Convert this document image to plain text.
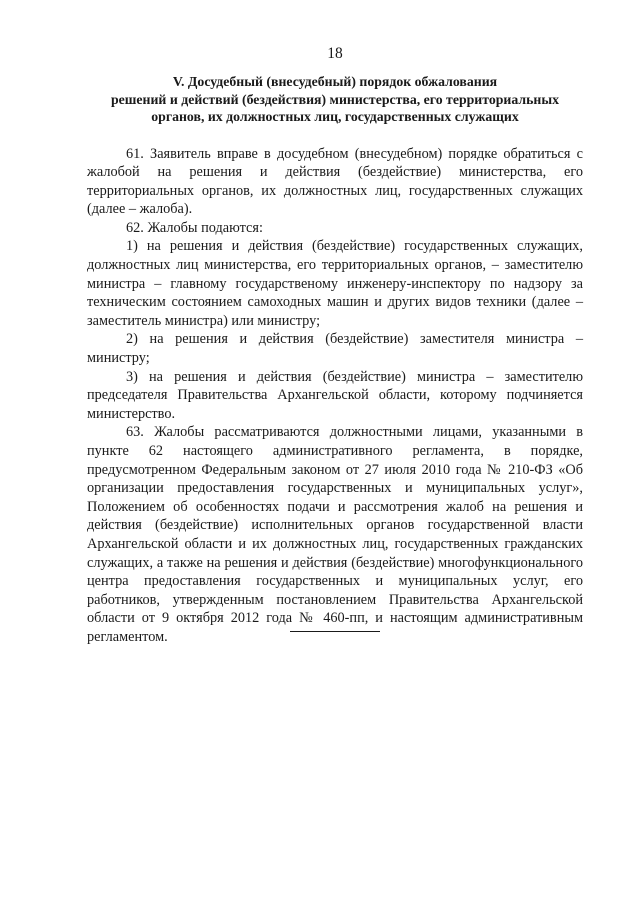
18
V. Досудебный (внесудебный) порядок обжалования
решений и действий (бездействия) министерства, его территориальных
органов, их должностных лиц, государственных служащих

61. Заявитель вправе в досудебном (внесудебном) порядке обратиться с жалобой на решения и действия (бездействие) министерства, его территориальных органов, их должностных лиц, государственных служащих (далее – жалоба).

62. Жалобы подаются:

1) на решения и действия (бездействие) государственных служащих, должностных лиц министерства, его территориальных органов, – заместителю министра – главному государственому инженеру-инспектору по надзору за техническим состоянием самоходных машин и других видов техники (далее – заместитель министра) или министру;

2) на решения и действия (бездействие) заместителя министра – министру;

3) на решения и действия (бездействие) министра – заместителю председателя Правительства Архангельской области, которому подчиняется министерство.

63. Жалобы рассматриваются должностными лицами, указанными в пункте 62 настоящего административного регламента, в порядке, предусмотренном Федеральным законом от 27 июля 2010 года № 210-ФЗ «Об организации предоставления государственных и муниципальных услуг», Положением об особенностях подачи и рассмотрения жалоб на решения и действия (бездействие) исполнительных органов государственной власти Архангельской области и их должностных лиц, государственных гражданских служащих, а также на решения и действия (бездействие) многофункционального центра предоставления государственных и муниципальных услуг, его работников, утвержденным постановлением Правительства Архангельской области от 9 октября 2012 года № 460-пп, и настоящим административным регламентом.
